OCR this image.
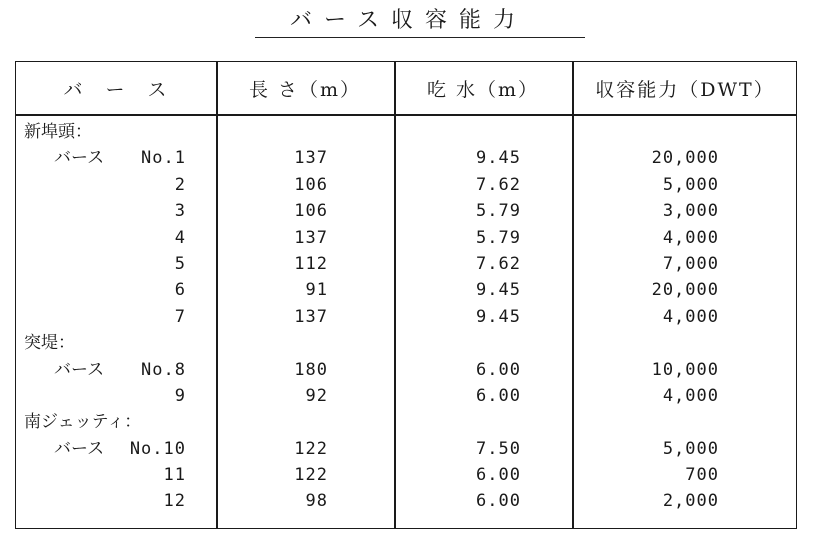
バース収容能力
バ　ー　ス	長 さ（m）	吃 水（m）	収容能力（DWT）
新埠頭：
バース	No.1	137	9.45	20,000
2	106	7.62	5,000
3	106	5.79	3,000
4	137	5.79	4,000
5	112	7.62	7,000
6	91	9.45	20,000
7	137	9.45	4,000
突堤：
バース	No.8	180	6.00	10,000
9	92	6.00	4,000
南ジェッティ：
バース	No.10	122	7.50	5,000
11	122	6.00	700
12	98	6.00	2,000
